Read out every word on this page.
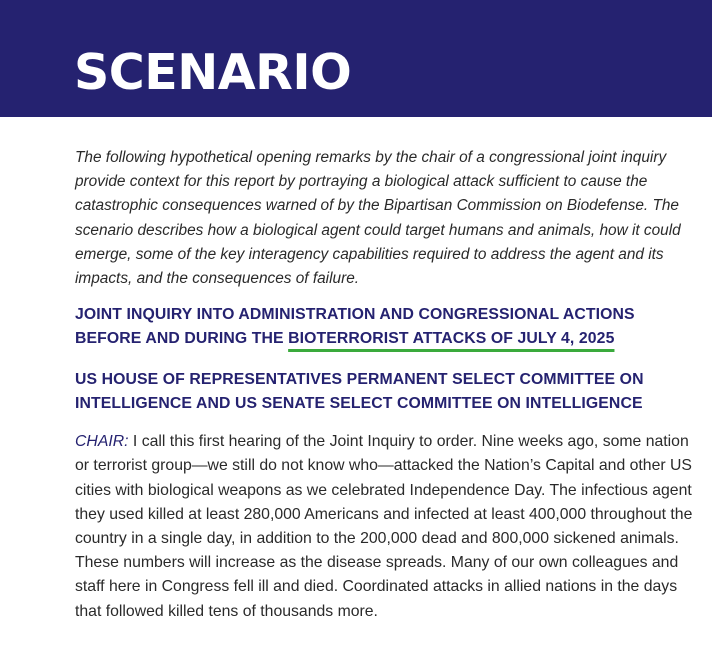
SCENARIO

The following hypothetical opening remarks by the chair of a congressional joint inquiry provide context for this report by portraying a biological attack sufficient to cause the catastrophic consequences warned of by the Bipartisan Commission on Biodefense. The scenario describes how a biological agent could target humans and animals, how it could emerge, some of the key interagency capabilities required to address the agent and its impacts, and the consequences of failure.

JOINT INQUIRY INTO ADMINISTRATION AND CONGRESSIONAL ACTIONS BEFORE AND DURING THE BIOTERRORIST ATTACKS OF JULY 4, 2025

US HOUSE OF REPRESENTATIVES PERMANENT SELECT COMMITTEE ON INTELLIGENCE AND US SENATE SELECT COMMITTEE ON INTELLIGENCE

CHAIR: I call this first hearing of the Joint Inquiry to order. Nine weeks ago, some nation or terrorist group—we still do not know who—attacked the Nation’s Capital and other US cities with biological weapons as we celebrated Independence Day. The infectious agent they used killed at least 280,000 Americans and infected at least 400,000 throughout the country in a single day, in addition to the 200,000 dead and 800,000 sickened animals. These numbers will increase as the disease spreads. Many of our own colleagues and staff here in Congress fell ill and died. Coordinated attacks in allied nations in the days that followed killed tens of thousands more.
